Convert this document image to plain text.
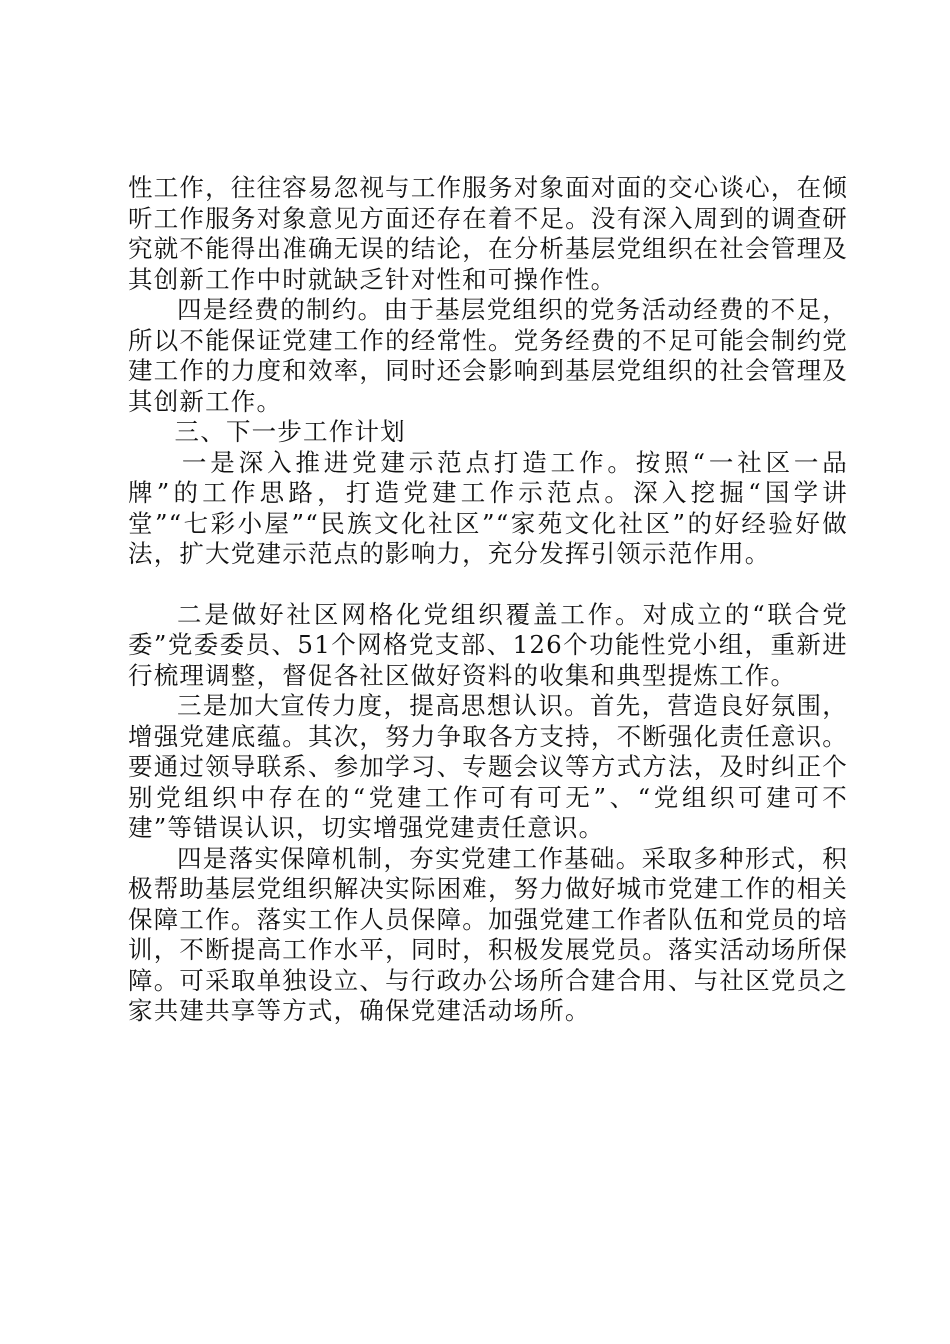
性工作，往往容易忽视与工作服务对象面对面的交心谈心，在倾听工作服务对象意见方面还存在着不足。没有深入周到的调查研究就不能得出准确无误的结论，在分析基层党组织在社会管理及其创新工作中时就缺乏针对性和可操作性。

四是经费的制约。由于基层党组织的党务活动经费的不足，所以不能保证党建工作的经常性。党务经费的不足可能会制约党建工作的力度和效率，同时还会影响到基层党组织的社会管理及其创新工作。

三、下一步工作计划

一是深入推进党建示范点打造工作。按照“一社区一品牌”的工作思路，打造党建工作示范点。深入挖掘“国学讲堂”“七彩小屋”“民族文化社区”“家苑文化社区”的好经验好做法，扩大党建示范点的影响力，充分发挥引领示范作用。

二是做好社区网格化党组织覆盖工作。对成立的“联合党委”党委委员、51个网格党支部、126个功能性党小组，重新进行梳理调整，督促各社区做好资料的收集和典型提炼工作。

三是加大宣传力度，提高思想认识。首先，营造良好氛围，增强党建底蕴。其次，努力争取各方支持，不断强化责任意识。要通过领导联系、参加学习、专题会议等方式方法，及时纠正个别党组织中存在的“党建工作可有可无”、“党组织可建可不建”等错误认识，切实增强党建责任意识。

四是落实保障机制，夯实党建工作基础。采取多种形式，积极帮助基层党组织解决实际困难，努力做好城市党建工作的相关保障工作。落实工作人员保障。加强党建工作者队伍和党员的培训，不断提高工作水平，同时，积极发展党员。落实活动场所保障。可采取单独设立、与行政办公场所合建合用、与社区党员之家共建共享等方式，确保党建活动场所。
